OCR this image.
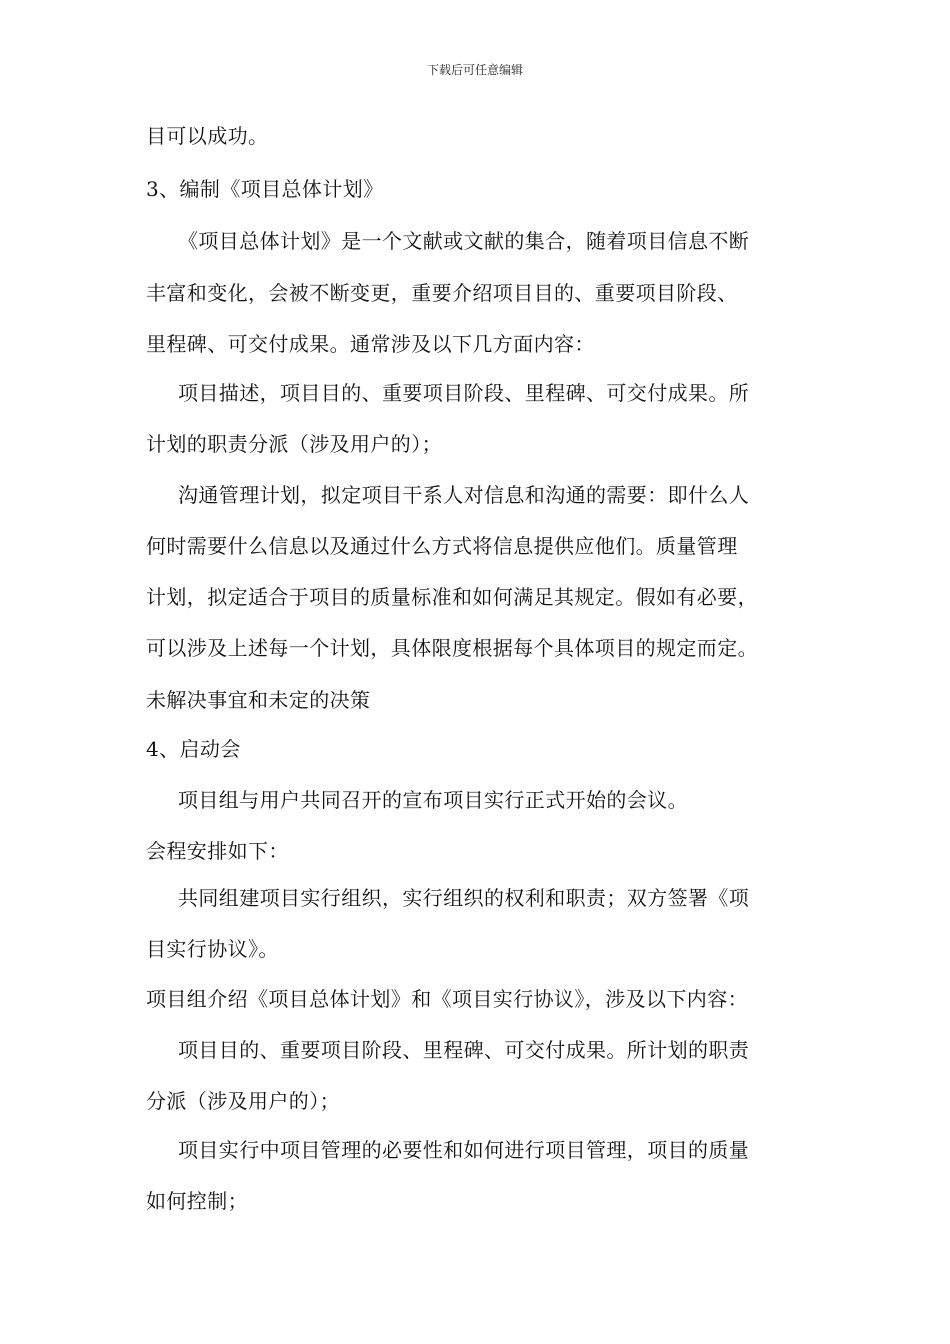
下载后可任意编辑
目可以成功。
3、编制《项目总体计划》
《项目总体计划》是一个文献或文献的集合，随着项目信息不断
丰富和变化，会被不断变更，重要介绍项目目的、重要项目阶段、
里程碑、可交付成果。通常涉及以下几方面内容：
项目描述，项目目的、重要项目阶段、里程碑、可交付成果。所
计划的职责分派（涉及用户的）；
沟通管理计划，拟定项目干系人对信息和沟通的需要：即什么人
何时需要什么信息以及通过什么方式将信息提供应他们。质量管理
计划，拟定适合于项目的质量标准和如何满足其规定。假如有必要，
可以涉及上述每一个计划，具体限度根据每个具体项目的规定而定。
未解决事宜和未定的决策
4、启动会
项目组与用户共同召开的宣布项目实行正式开始的会议。
会程安排如下：
共同组建项目实行组织，实行组织的权利和职责；双方签署《项
目实行协议》。
项目组介绍《项目总体计划》和《项目实行协议》，涉及以下内容：
项目目的、重要项目阶段、里程碑、可交付成果。所计划的职责
分派（涉及用户的）；
项目实行中项目管理的必要性和如何进行项目管理，项目的质量
如何控制；
